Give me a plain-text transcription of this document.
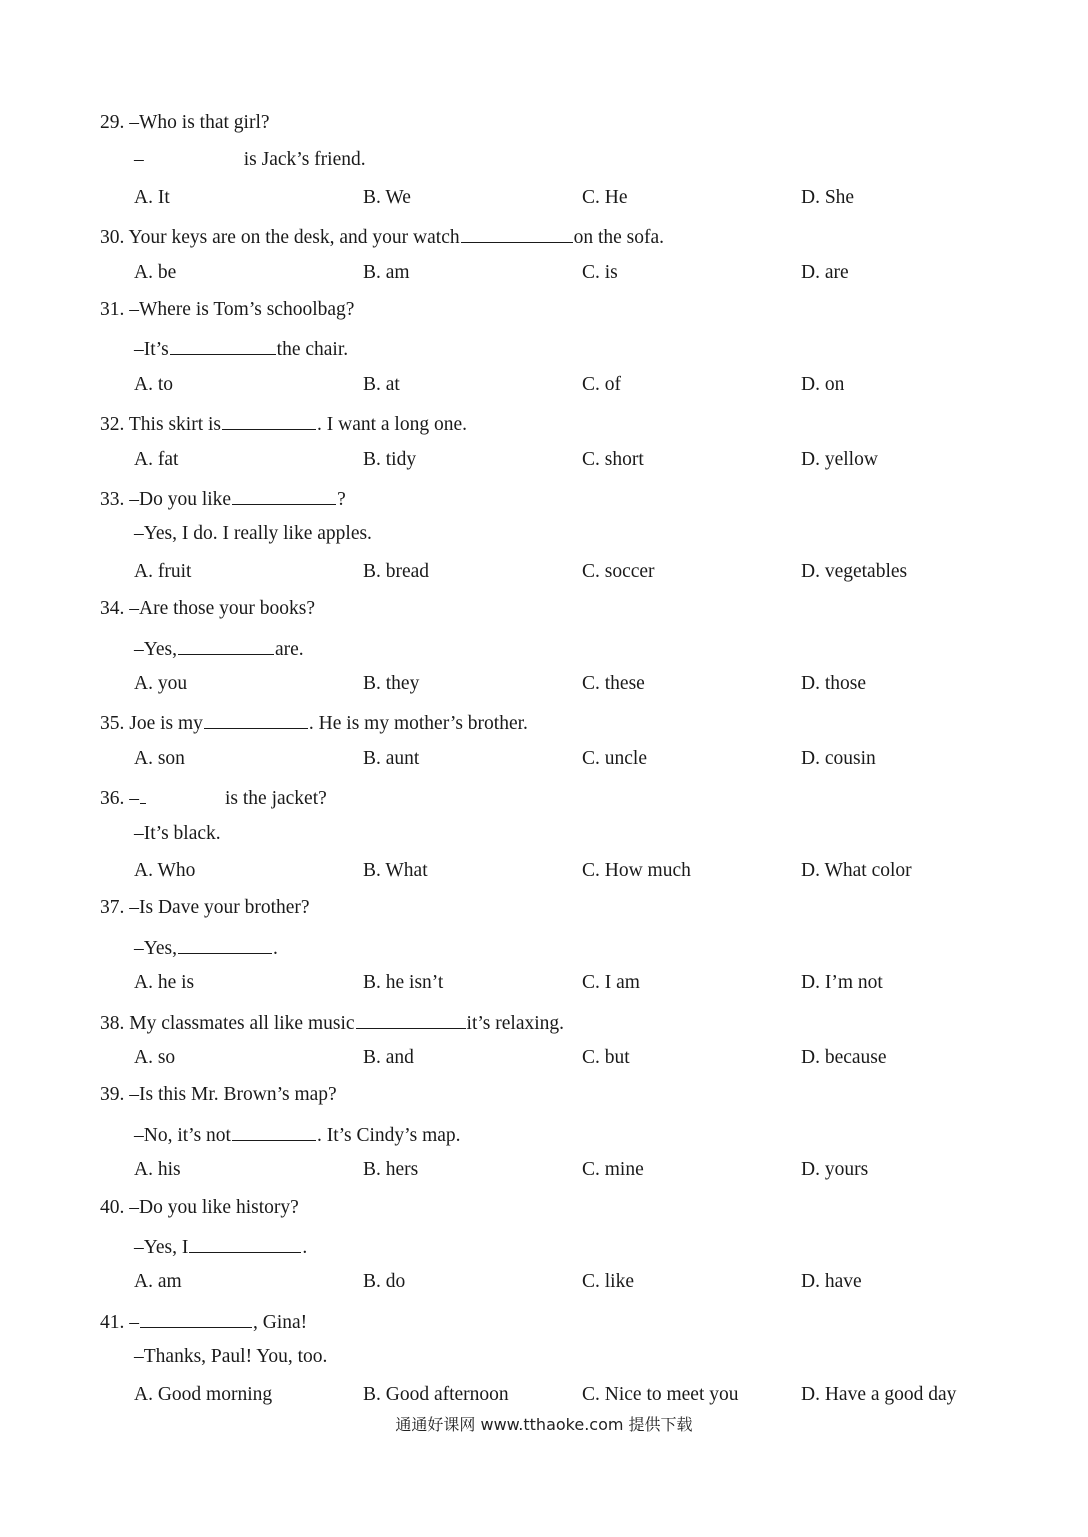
29. –Who is that girl?
–	is Jack’s friend.
A. It	B. We	C. He	D. She
30. Your keys are on the desk, and your watch	on the sofa.
A. be	B. am	C. is	D. are
31. –Where is Tom’s schoolbag?
–It’s	the chair.
A. to	B. at	C. of	D. on
32. This skirt is	. I want a long one.
A. fat	B. tidy	C. short	D. yellow
33. –Do you like	?
–Yes, I do. I really like apples.
A. fruit	B. bread	C. soccer	D. vegetables
34. –Are those your books?
–Yes,	are.
A. you	B. they	C. these	D. those
35. Joe is my	. He is my mother’s brother.
A. son	B. aunt	C. uncle	D. cousin
36. –	is the jacket?
–It’s black.
A. Who	B. What	C. How much	D. What color
37. –Is Dave your brother?
–Yes,	.
A. he is	B. he isn’t	C. I am	D. I’m not
38. My classmates all like music	it’s relaxing.
A. so	B. and	C. but	D. because
39. –Is this Mr. Brown’s map?
–No, it’s not	. It’s Cindy’s map.
A. his	B. hers	C. mine	D. yours
40. –Do you like history?
–Yes, I	.
A. am	B. do	C. like	D. have
41. –	, Gina!
–Thanks, Paul! You, too.
A. Good morning	B. Good afternoon	C. Nice to meet you	D. Have a good day
通通好课网 www.tthaoke.com 提供下载
